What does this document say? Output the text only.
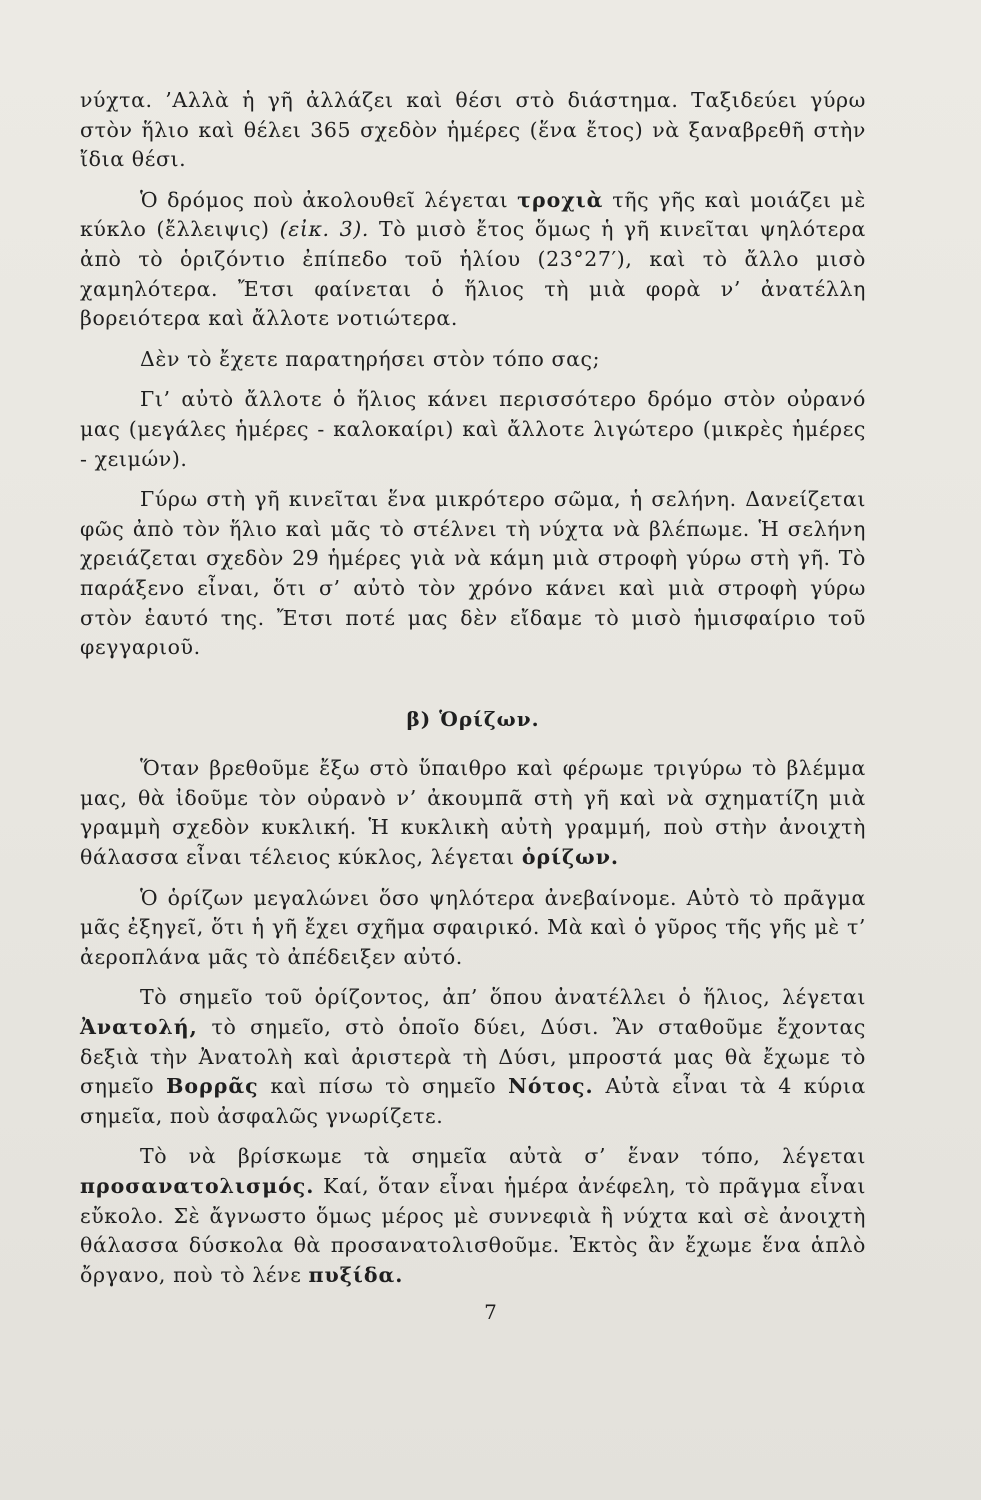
νύχτα. ’Αλλὰ ἡ γῆ ἀλλάζει καὶ θέσι στὸ διάστημα. Ταξιδεύει γύρω στὸν ἥλιο καὶ θέλει 365 σχεδὸν ἡμέρες (ἕνα ἔτος) νὰ ξαναβρεθῆ στὴν ἴδια θέσι.

Ὁ δρόμος ποὺ ἀκολουθεῖ λέγεται τροχιὰ τῆς γῆς καὶ μοιάζει μὲ κύκλο (ἔλλειψις) (εἰκ. 3). Τὸ μισὸ ἔτος ὅμως ἡ γῆ κινεῖται ψηλότερα ἀπὸ τὸ ὁριζόντιο ἐπίπεδο τοῦ ἡλίου (23°27′), καὶ τὸ ἄλλο μισὸ χαμηλότερα. Ἔτσι φαίνεται ὁ ἥλιος τὴ μιὰ φορὰ ν’ ἀνατέλλη βορειότερα καὶ ἄλλοτε νοτιώτερα.

Δὲν τὸ ἔχετε παρατηρήσει στὸν τόπο σας;

Γι’ αὐτὸ ἄλλοτε ὁ ἥλιος κάνει περισσότερο δρόμο στὸν οὐρανό μας (μεγάλες ἡμέρες - καλοκαίρι) καὶ ἄλλοτε λιγώτερο (μικρὲς ἡμέρες - χειμών).

Γύρω στὴ γῆ κινεῖται ἕνα μικρότερο σῶμα, ἡ σελήνη. Δανείζεται φῶς ἀπὸ τὸν ἥλιο καὶ μᾶς τὸ στέλνει τὴ νύχτα νὰ βλέπωμε. Ἡ σελήνη χρειάζεται σχεδὸν 29 ἡμέρες γιὰ νὰ κάμη μιὰ στροφὴ γύρω στὴ γῆ. Τὸ παράξενο εἶναι, ὅτι σ’ αὐτὸ τὸν χρόνο κάνει καὶ μιὰ στροφὴ γύρω στὸν ἑαυτό της. Ἔτσι ποτέ μας δὲν εἴδαμε τὸ μισὸ ἡμισφαίριο τοῦ φεγγαριοῦ.

β) Ὁρίζων.

Ὅταν βρεθοῦμε ἔξω στὸ ὕπαιθρο καὶ φέρωμε τριγύρω τὸ βλέμμα μας, θὰ ἰδοῦμε τὸν οὐρανὸ ν’ ἀκουμπᾶ στὴ γῆ καὶ νὰ σχηματίζη μιὰ γραμμὴ σχεδὸν κυκλική. Ἡ κυκλικὴ αὐτὴ γραμμή, ποὺ στὴν ἀνοιχτὴ θάλασσα εἶναι τέλειος κύκλος, λέγεται ὁρίζων.

Ὁ ὁρίζων μεγαλώνει ὅσο ψηλότερα ἀνεβαίνομε. Αὐτὸ τὸ πρᾶγμα μᾶς ἐξηγεῖ, ὅτι ἡ γῆ ἔχει σχῆμα σφαιρικό. Μὰ καὶ ὁ γῦρος τῆς γῆς μὲ τ’ ἀεροπλάνα μᾶς τὸ ἀπέδειξεν αὐτό.

Τὸ σημεῖο τοῦ ὁρίζοντος, ἀπ’ ὅπου ἀνατέλλει ὁ ἥλιος, λέγεται Ἀνατολή, τὸ σημεῖο, στὸ ὁποῖο δύει, Δύσι. Ἂν σταθοῦμε ἔχοντας δεξιὰ τὴν Ἀνατολὴ καὶ ἀριστερὰ τὴ Δύσι, μπροστά μας θὰ ἔχωμε τὸ σημεῖο Βορρᾶς καὶ πίσω τὸ σημεῖο Νότος. Αὐτὰ εἶναι τὰ 4 κύρια σημεῖα, ποὺ ἀσφαλῶς γνωρίζετε.

Τὸ νὰ βρίσκωμε τὰ σημεῖα αὐτὰ σ’ ἕναν τόπο, λέγεται προσανατολισμός. Καί, ὅταν εἶναι ἡμέρα ἀνέφελη, τὸ πρᾶγμα εἶναι εὔκολο. Σὲ ἄγνωστο ὅμως μέρος μὲ συννεφιὰ ἢ νύχτα καὶ σὲ ἀνοιχτὴ θάλασσα δύσκολα θὰ προσανατολισθοῦμε. Ἐκτὸς ἂν ἔχωμε ἕνα ἁπλὸ ὄργανο, ποὺ τὸ λένε πυξίδα.

7
